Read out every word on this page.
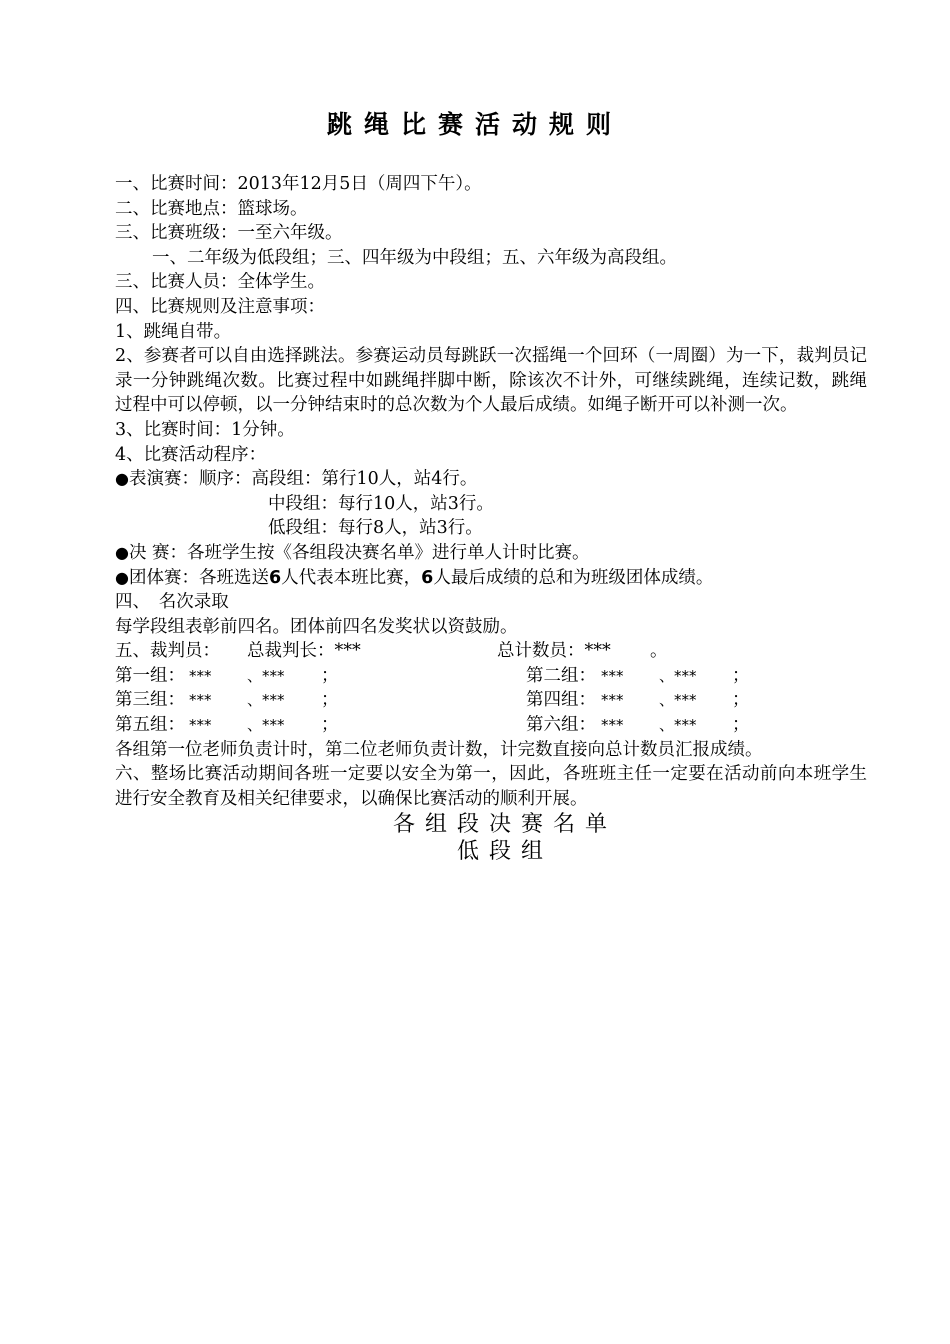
跳绳比赛活动规则
一、比赛时间：2013年12月5日（周四下午）。
二、比赛地点：篮球场。
三、比赛班级：一至六年级。
一、二年级为低段组；三、四年级为中段组；五、六年级为高段组。
三、比赛人员：全体学生。
四、比赛规则及注意事项：
1、跳绳自带。
2、参赛者可以自由选择跳法。参赛运动员每跳跃一次摇绳一个回环（一周圈）为一下，裁判员记录一分钟跳绳次数。比赛过程中如跳绳拌脚中断，除该次不计外，可继续跳绳，连续记数，跳绳过程中可以停顿，以一分钟结束时的总次数为个人最后成绩。如绳子断开可以补测一次。
3、比赛时间：1分钟。
4、比赛活动程序：
●表演赛：顺序：高段组：第行10人，站4行。
中段组：每行10人，站3行。
低段组：每行8人，站3行。
●决 赛：各班学生按《各组段决赛名单》进行单人计时比赛。
●团体赛：各班选送6人代表本班比赛，6人最后成绩的总和为班级团体成绩。
四、　名次录取
每学段组表彰前四名。团体前四名发奖状以资鼓励。
五、裁判员： 总裁判长：***	总计数员：*** 。
第一组： *** 、*** ；	第二组： *** 、*** ；
第三组： *** 、*** ；	第四组： *** 、*** ；
第五组： *** 、*** ；	第六组： *** 、*** ；
各组第一位老师负责计时，第二位老师负责计数，计完数直接向总计数员汇报成绩。
六、整场比赛活动期间各班一定要以安全为第一，因此，各班班主任一定要在活动前向本班学生进行安全教育及相关纪律要求，以确保比赛活动的顺利开展。
各组段决赛名单
低段组
